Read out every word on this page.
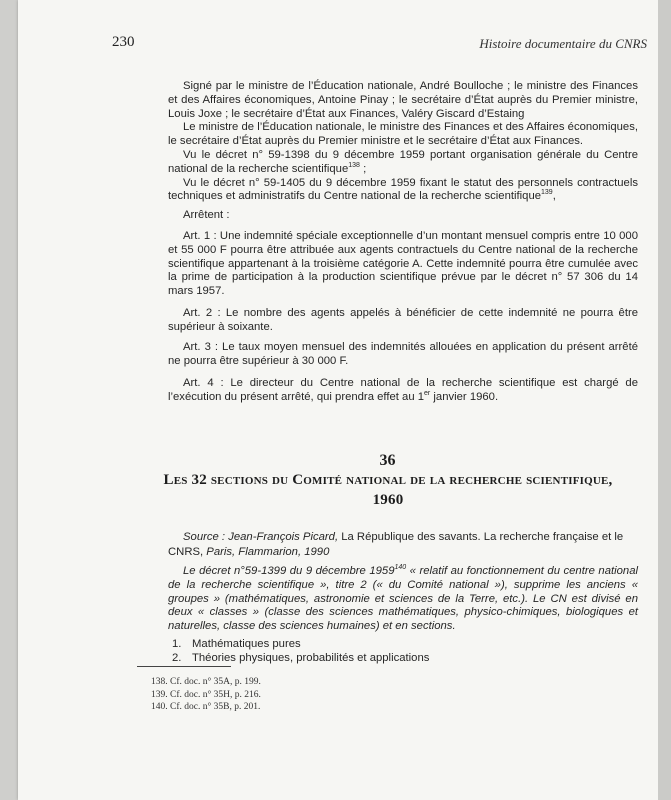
230	Histoire documentaire du CNRS

Signé par le ministre de l’Éducation nationale, André Boulloche ; le ministre des Finances et des Affaires économiques, Antoine Pinay ; le secrétaire d’État auprès du Premier ministre, Louis Joxe ; le secrétaire d’État aux Finances, Valéry Giscard d’Estaing

Le ministre de l’Éducation nationale, le ministre des Finances et des Affaires économiques, le secrétaire d’État auprès du Premier ministre et le secrétaire d’État aux Finances.

Vu le décret n° 59-1398 du 9 décembre 1959 portant organisation générale du Centre national de la recherche scientifique$^{138}$ ;

Vu le décret n° 59-1405 du 9 décembre 1959 fixant le statut des personnels contractuels techniques et administratifs du Centre national de la recherche scientifique$^{139}$,

Arrêtent :

Art. 1 : Une indemnité spéciale exceptionnelle d’un montant mensuel compris entre 10 000 et 55 000 F pourra être attribuée aux agents contractuels du Centre national de la recherche scientifique appartenant à la troisième catégorie A. Cette indemnité pourra être cumulée avec la prime de participation à la production scientifique prévue par le décret n° 57 306 du 14 mars 1957.

Art. 2 : Le nombre des agents appelés à bénéficier de cette indemnité ne pourra être supérieur à soixante.

Art. 3 : Le taux moyen mensuel des indemnités allouées en application du présent arrêté ne pourra être supérieur à 30 000 F.

Art. 4 : Le directeur du Centre national de la recherche scientifique est chargé de l’exécution du présent arrêté, qui prendra effet au 1er janvier 1960.

36
Les 32 sections du Comité national de la recherche scientifique,
1960
Source : Jean-François Picard, La République des savants. La recherche française et le CNRS, Paris, Flammarion, 1990
Le décret n°59-1399 du 9 décembre 1959$^{140}$ « relatif au fonctionnement du centre national de la recherche scientifique », titre 2 (« du Comité national »), supprime les anciens « groupes » (mathématiques, astronomie et sciences de la Terre, etc.). Le CN est divisé en deux « classes » (classe des sciences mathématiques, physico-chimiques, biologiques et naturelles, classe des sciences humaines) et en sections.
1. Mathématiques pures
2. Théories physiques, probabilités et applications
138. Cf. doc. n° 35A, p. 199.
139. Cf. doc. n° 35H, p. 216.
140. Cf. doc. n° 35B, p. 201.
